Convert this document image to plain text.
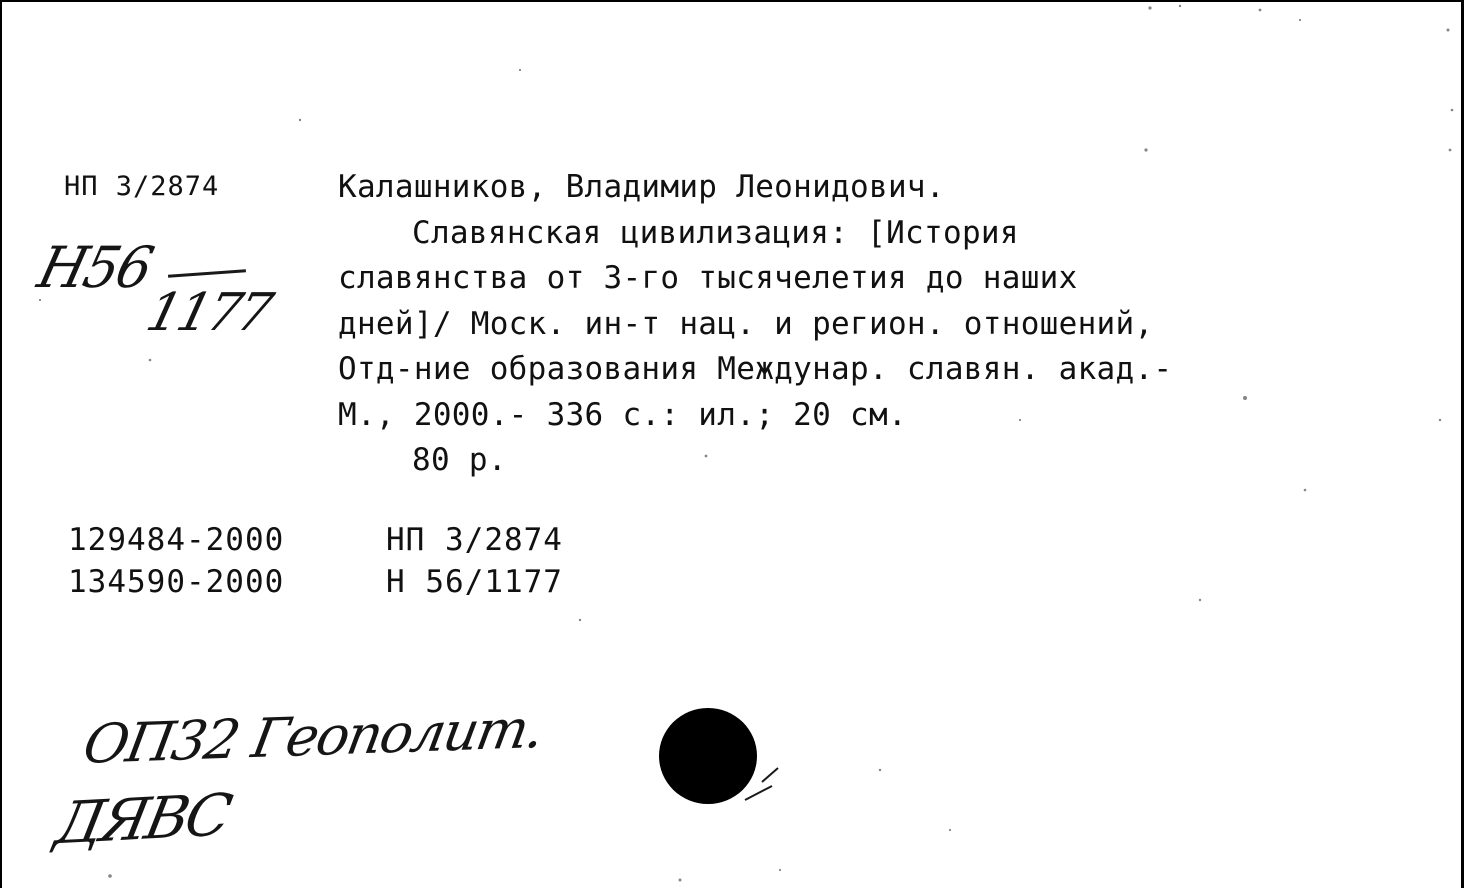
НП 3/2874
Н56
1177
Калашников, Владимир Леонидович.
Славянская цивилизация: [История
славянства от 3-го тысячелетия до наших
дней]/ Моск. ин-т нац. и регион. отношений,
Отд-ние образования Междунар. славян. акад.-
М., 2000.- 336 с.: ил.; 20 см.
80 р.
129484-2000	НП 3/2874
134590-2000	Н 56/1177
ОП32 Геополит.
ДЯВС
